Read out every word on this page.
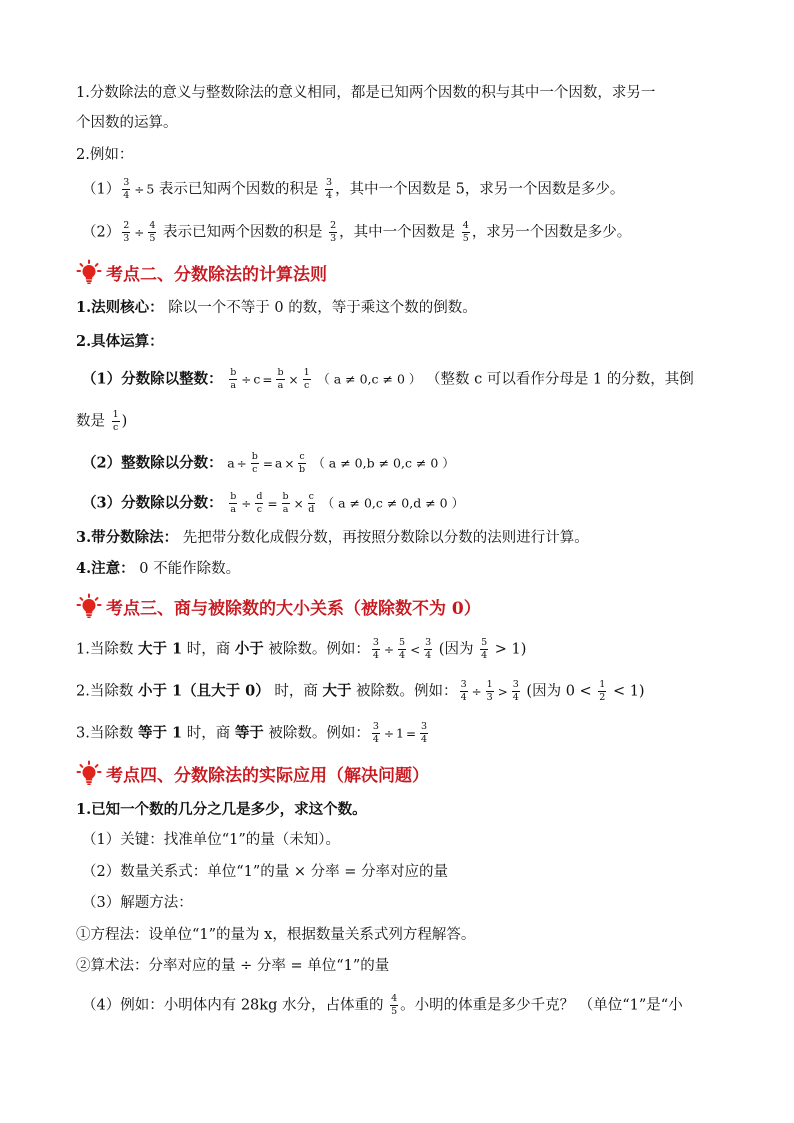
1.分数除法的意义与整数除法的意义相同，都是已知两个因数的积与其中一个因数，求另一
个因数的运算。
2.例如：
$(1) \frac{3}{4} \div 5$ 表示已知两个因数的积是 $\frac{3}{4}$ ，其中一个因数是 5，求另一个因数是多少。
$(2) \frac{2}{3} \div \frac{4}{5}$ 表示已知两个因数的积是 $\frac{2}{3}$ ，其中一个因数是 $\frac{4}{5}$ ，求另一个因数是多少。
考点二、分数除法的计算法则
1.法则核心： 除以一个不等于 0 的数，等于乘这个数的倒数。
2.具体运算：
（1）分数除以整数： $\frac{b}{a} \div c = \frac{b}{a} \times \frac{1}{c}$ （ a ≠ 0,c ≠ 0 ） （整数 c 可以看作分母是 1 的分数，其倒
数是 $\frac{1}{c}$ )
（2）整数除以分数： $a \div \frac{b}{c} = a \times \frac{c}{b}$ （ a ≠ 0,b ≠ 0,c ≠ 0 ）
（3）分数除以分数： $\frac{b}{a} \div \frac{d}{c} = \frac{b}{a} \times \frac{c}{d}$ （ a ≠ 0,c ≠ 0,d ≠ 0 ）
3.带分数除法： 先把带分数化成假分数，再按照分数除以分数的法则进行计算。
4.注意： 0 不能作除数。
考点三、商与被除数的大小关系（被除数不为 0）
1.当除数 大于 1 时，商 小于 被除数。例如： $\frac{3}{4} \div \frac{5}{4} < \frac{3}{4}$ (因为 $\frac{5}{4} > 1$)
2.当除数 小于 1（且大于 0） 时，商 大于 被除数。例如： $\frac{3}{4} \div \frac{1}{3} > \frac{3}{4}$ (因为 $0 < \frac{1}{2} < 1$)
3.当除数 等于 1 时，商 等于 被除数。例如： $\frac{3}{4} \div 1 = \frac{3}{4}$
考点四、分数除法的实际应用（解决问题）
1.已知一个数的几分之几是多少，求这个数。
（1）关键：找准单位“1”的量（未知）。
（2）数量关系式：单位“1”的量 × 分率 = 分率对应的量
（3）解题方法：
①方程法：设单位“1”的量为 x，根据数量关系式列方程解答。
②算术法：分率对应的量 ÷ 分率 = 单位“1”的量
（4）例如：小明体内有 28kg 水分，占体重的 $\frac{4}{5}$ 。小明的体重是多少千克？ （单位“1”是“小
